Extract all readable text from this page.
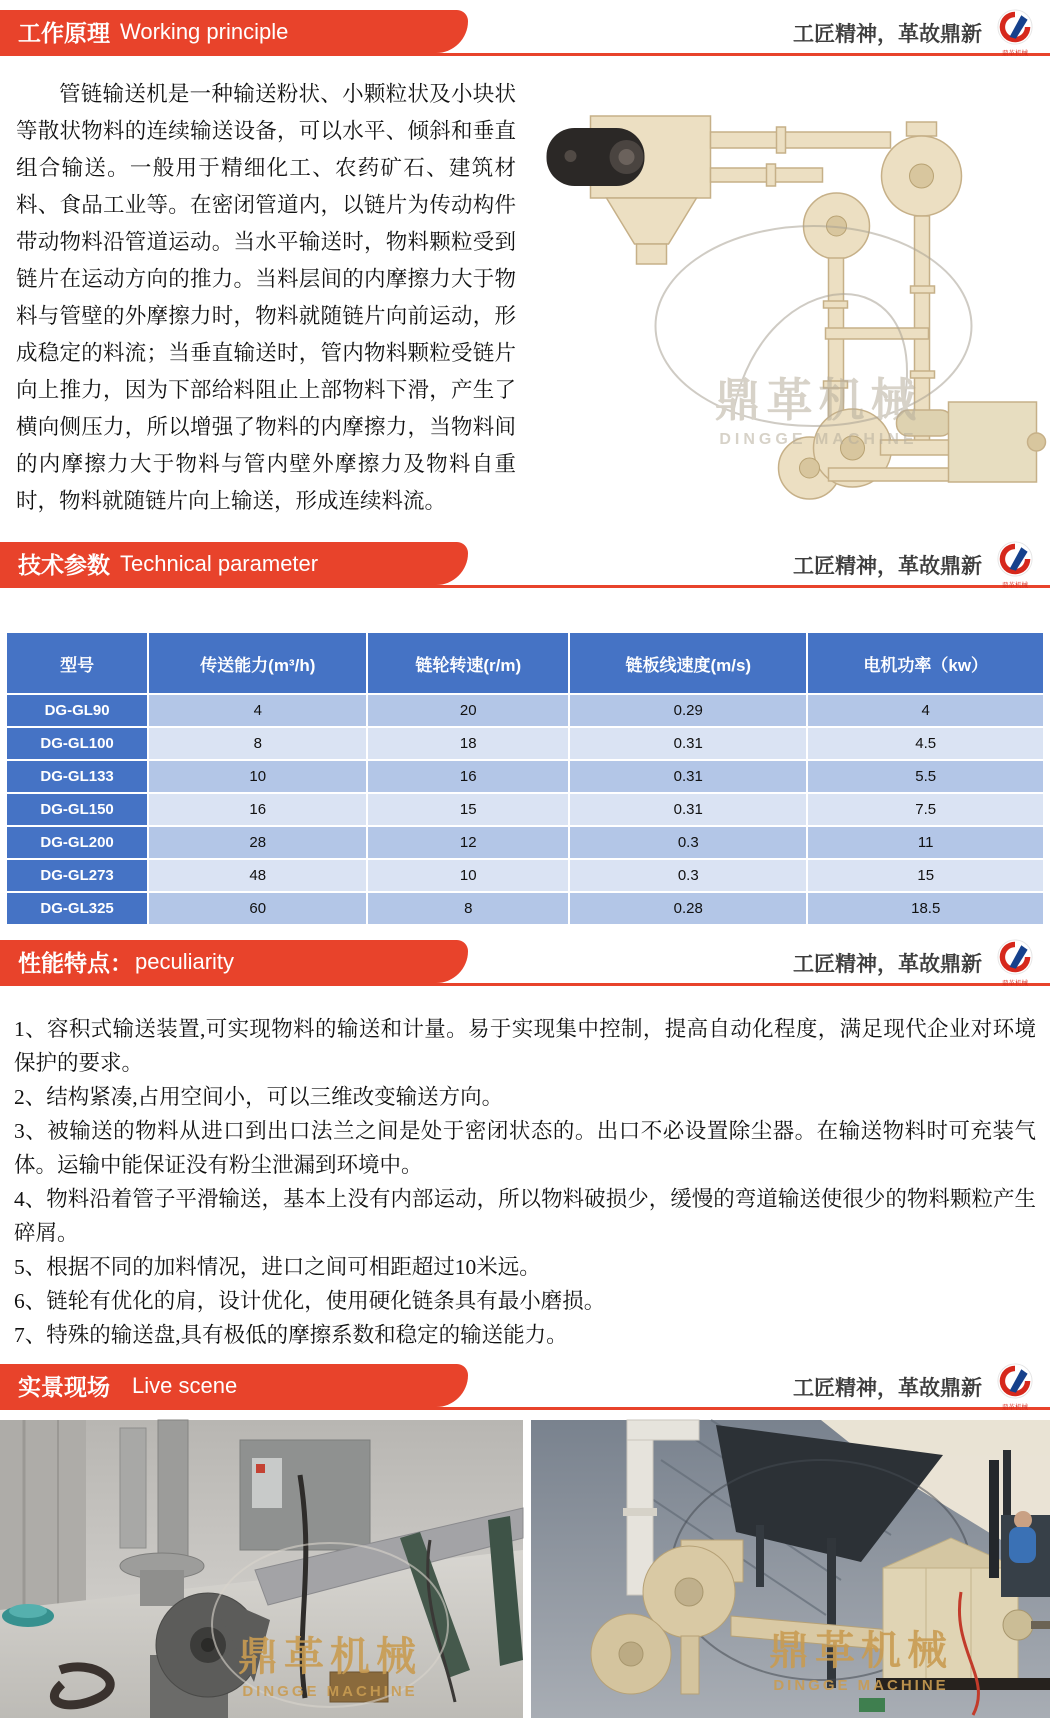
工作原理 Working principle	工匠精神，革故鼎新
鼎革机械
管链输送机是一种输送粉状、小颗粒状及小块状等散状物料的连续输送设备，可以水平、倾斜和垂直组合输送。一般用于精细化工、农药矿石、建筑材料、食品工业等。在密闭管道内，以链片为传动构件带动物料沿管道运动。当水平输送时，物料颗粒受到链片在运动方向的推力。当料层间的内摩擦力大于物料与管壁的外摩擦力时，物料就随链片向前运动，形成稳定的料流；当垂直输送时，管内物料颗粒受链片向上推力，因为下部给料阻止上部物料下滑，产生了横向侧压力，所以增强了物料的内摩擦力，当物料间的内摩擦力大于物料与管内壁外摩擦力及物料自重时，物料就随链片向上输送，形成连续料流。
鼎革机械
DINGGE MACHINE
技术参数 Technical parameter	工匠精神，革故鼎新
鼎革机械
型号	传送能力(m³/h)	链轮转速(r/m)	链板线速度(m/s)	电机功率（kw）
DG-GL90	4	20	0.29	4
DG-GL100	8	18	0.31	4.5
DG-GL133	10	16	0.31	5.5
DG-GL150	16	15	0.31	7.5
DG-GL200	28	12	0.3	11
DG-GL273	48	10	0.3	15
DG-GL325	60	8	0.28	18.5
性能特点： peculiarity	工匠精神，革故鼎新
鼎革机械

1、容积式输送装置,可实现物料的输送和计量。易于实现集中控制，提高自动化程度，满足现代企业对环境保护的要求。

2、结构紧凑,占用空间小，可以三维改变输送方向。

3、被输送的物料从进口到出口法兰之间是处于密闭状态的。出口不必设置除尘器。在输送物料时可充装气体。运输中能保证没有粉尘泄漏到环境中。

4、物料沿着管子平滑输送，基本上没有内部运动，所以物料破损少，缓慢的弯道输送使很少的物料颗粒产生碎屑。

5、根据不同的加料情况，进口之间可相距超过10米远。

6、链轮有优化的肩，设计优化，使用硬化链条具有最小磨损。

7、特殊的输送盘,具有极低的摩擦系数和稳定的输送能力。

实景现场 Live scene	工匠精神，革故鼎新
鼎革机械
鼎革机械
DINGGE MACHINE
鼎革机械
DINGGE MACHINE
